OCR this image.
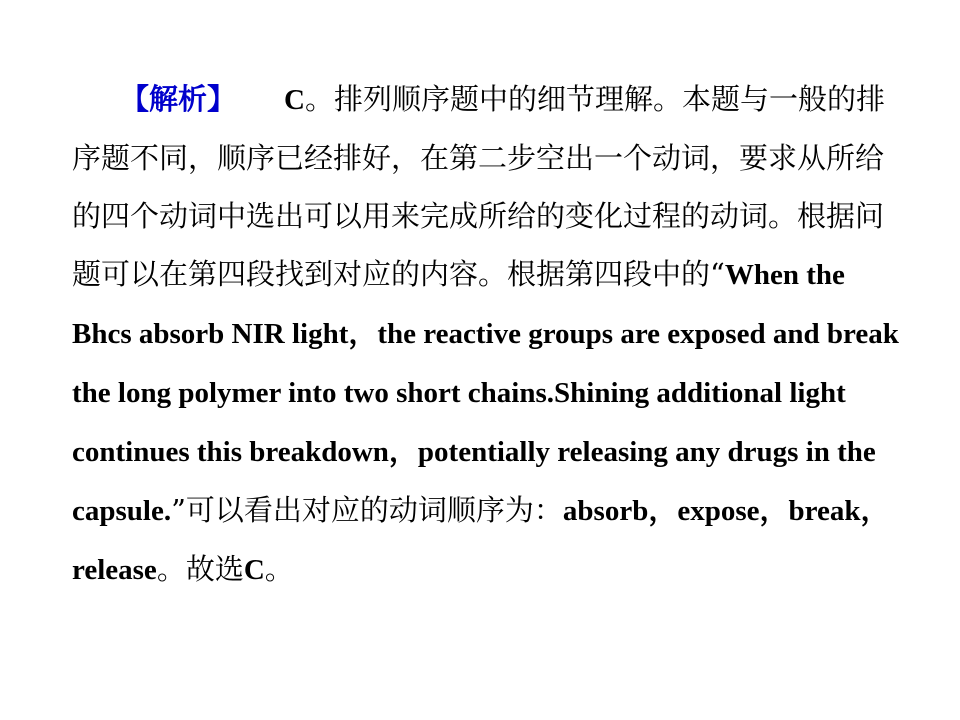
【解析】 C。排列顺序题中的细节理解。本题与一般的排序题不同，顺序已经排好，在第二步空出一个动词，要求从所给的四个动词中选出可以用来完成所给的变化过程的动词。根据问题可以在第四段找到对应的内容。根据第四段中的“When the Bhcs absorb NIR light，the reactive groups are exposed and break the long polymer into two short chains.Shining additional light continues this breakdown，potentially releasing any drugs in the capsule.”可以看出对应的动词顺序为：absorb，expose，break，release。故选C。
